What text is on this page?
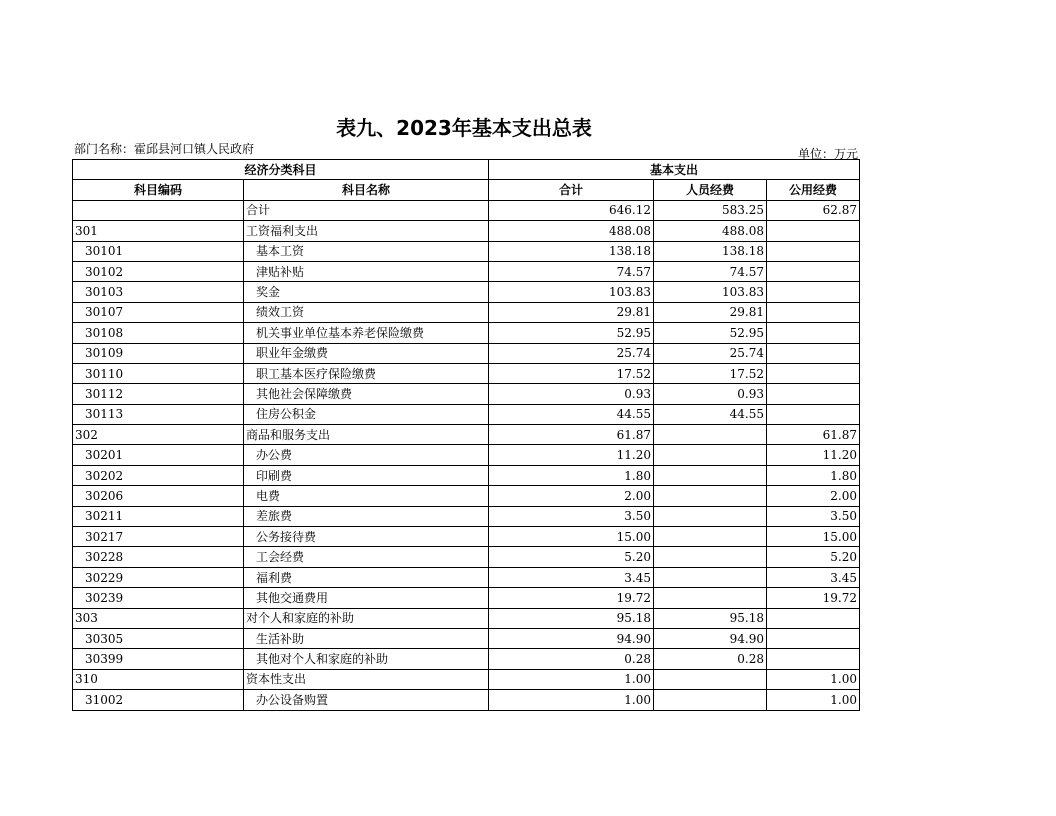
表九、2023年基本支出总表
部门名称：霍邱县河口镇人民政府	单位：万元
经济分类科目		基本支出		
科目编码	科目名称	合计	人员经费	公用经费
	合计	646.12	583.25	62.87
301	工资福利支出	488.08	488.08	
30101	基本工资	138.18	138.18	
30102	津贴补贴	74.57	74.57	
30103	奖金	103.83	103.83	
30107	绩效工资	29.81	29.81	
30108	机关事业单位基本养老保险缴费	52.95	52.95	
30109	职业年金缴费	25.74	25.74	
30110	职工基本医疗保险缴费	17.52	17.52	
30112	其他社会保障缴费	0.93	0.93	
30113	住房公积金	44.55	44.55	
302	商品和服务支出	61.87		61.87
30201	办公费	11.20		11.20
30202	印刷费	1.80		1.80
30206	电费	2.00		2.00
30211	差旅费	3.50		3.50
30217	公务接待费	15.00		15.00
30228	工会经费	5.20		5.20
30229	福利费	3.45		3.45
30239	其他交通费用	19.72		19.72
303	对个人和家庭的补助	95.18	95.18	
30305	生活补助	94.90	94.90	
30399	其他对个人和家庭的补助	0.28	0.28	
310	资本性支出	1.00		1.00
31002	办公设备购置	1.00		1.00
